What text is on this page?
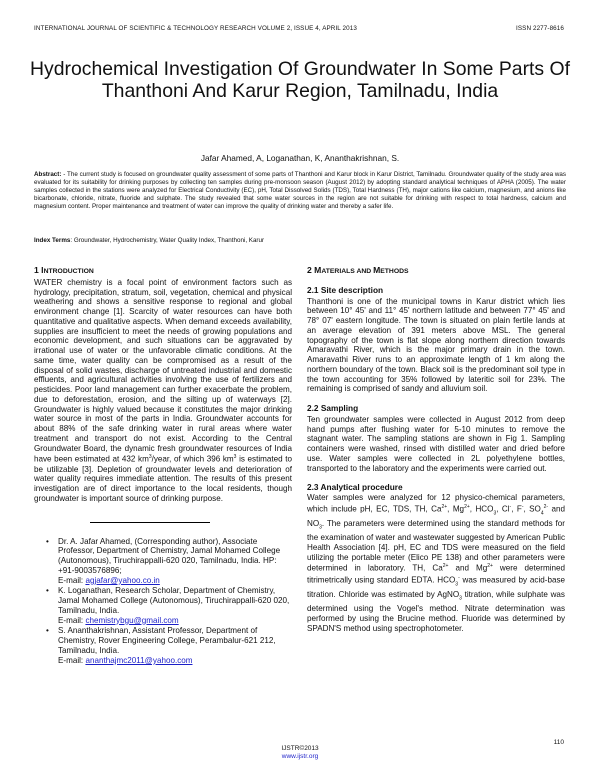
INTERNATIONAL JOURNAL OF SCIENTIFIC & TECHNOLOGY RESEARCH VOLUME 2, ISSUE 4, APRIL 2013	ISSN 2277-8616
Hydrochemical Investigation Of Groundwater In Some Parts Of Thanthoni And Karur Region, Tamilnadu, India
Jafar Ahamed, A, Loganathan, K, Ananthakrishnan, S.
Abstract: - The current study is focused on groundwater quality assessment of some parts of Thanthoni and Karur block in Karur District, Tamilnadu. Groundwater quality of the study area was evaluated for its suitability for drinking purposes by collecting ten samples during pre-monsoon season (August 2012) by adopting standard analytical techniques of APHA (2005). The water samples collected in the stations were analyzed for Electrical Conductivity (EC), pH, Total Dissolved Solids (TDS), Total Hardness (TH), major cations like calcium, magnesium, and anions like bicarbonate, chloride, nitrate, fluoride and sulphate. The study revealed that some water sources in the region are not suitable for drinking with respect to total hardness, calcium and magnesium content. Proper maintenance and treatment of water can improve the quality of drinking water and thereby a safer life.
Index Terms: Groundwater, Hydrochemistry, Water Quality Index, Thanthoni, Karur
1 INTRODUCTION

WATER chemistry is a focal point of environment factors such as hydrology, precipitation, stratum, soil, vegetation, chemical and physical weathering and shows a sensitive response to regional and global environment change [1]. Scarcity of water resources can have both quantitative and qualitative aspects. When demand exceeds availability, supplies are insufficient to meet the needs of growing populations and economic development, and such situations can be aggravated by irrational use of water or the unfavorable climatic conditions. At the same time, water quality can be compromised as a result of the disposal of solid wastes, discharge of untreated industrial and domestic effluents, and agricultural activities involving the use of fertilizers and pesticides. Poor land management can further exacerbate the problem, due to deforestation, erosion, and the silting up of waterways [2]. Groundwater is highly valued because it constitutes the major drinking water source in most of the parts in India. Groundwater accounts for about 88% of the safe drinking water in rural areas where water treatment and transport do not exist. According to the Central Groundwater Board, the dynamic fresh groundwater resources of India have been estimated at 432 $km^3$/year, of which 396 $km^3$ is estimated to be utilizable [3]. Depletion of groundwater levels and deterioration of water quality requires immediate attention. The results of this present investigation are of direct importance to the local residents, though groundwater is important source of drinking purpose.

• Dr. A. Jafar Ahamed, (Corresponding author), Associate Professor, Department of Chemistry, Jamal Mohamed College (Autonomous), Tiruchirappalli-620 020, Tamilnadu, India. HP: +91-9003576896;
E-mail: agjafar@yahoo.co.in
• K. Loganathan, Research Scholar, Department of Chemistry, Jamal Mohamed College (Autonomous), Tiruchirappalli-620 020, Tamilnadu, India.
E-mail: chemistrybgu@gmail.com
• S. Ananthakrishnan, Assistant Professor, Department of Chemistry, Rover Engineering College, Perambalur-621 212, Tamilnadu, India.
E-mail: ananthajmc2011@yahoo.com
2 MATERIALS AND METHODS
2.1 Site description

Thanthoni is one of the municipal towns in Karur district which lies between 10° 45' and 11° 45' northern latitude and between 77° 45' and 78° 07' eastern longitude. The town is situated on plain fertile lands at an average elevation of 391 meters above MSL. The general topography of the town is flat slope along northern direction towards Amaravathi River, which is the major primary drain in the town. Amaravathi River runs to an approximate length of 1 km along the northern boundary of the town. Black soil is the predominant soil type in the town accounting for 35% followed by lateritic soil for 23%. The remaining is comprised of sandy and alluvium soil.

2.2 Sampling

Ten groundwater samples were collected in August 2012 from deep hand pumps after flushing water for 5-10 minutes to remove the stagnant water. The sampling stations are shown in Fig 1. Sampling containers were washed, rinsed with distilled water and dried before use. Water samples were collected in 2L polyethylene bottles, transported to the laboratory and the experiments were carried out.

2.3 Analytical procedure

Water samples were analyzed for 12 physico-chemical parameters, which include pH, EC, TDS, TH, $Ca^{2+}$, $Mg^{2+}$, $HCO_3$, Cl-, F-, $SO_4^{2-}$ and $NO_3$. The parameters were determined using the standard methods for the examination of water and wastewater suggested by American Public Health Association [4]. pH, EC and TDS were measured on the field utilizing the portable meter (Elico PE 138) and other parameters were determined in laboratory. TH, $Ca^{2+}$ and $Mg^{2+}$ were determined titrimetrically using standard EDTA. $HCO_3^-$ was measured by acid-base titration. Chloride was estimated by AgNO$_3$ titration, while sulphate was determined using the Vogel's method. Nitrate determination was performed by using the Brucine method. Fluoride was determined by SPADN'S method using spectrophotometer.

110
IJSTR©2013
www.ijstr.org
